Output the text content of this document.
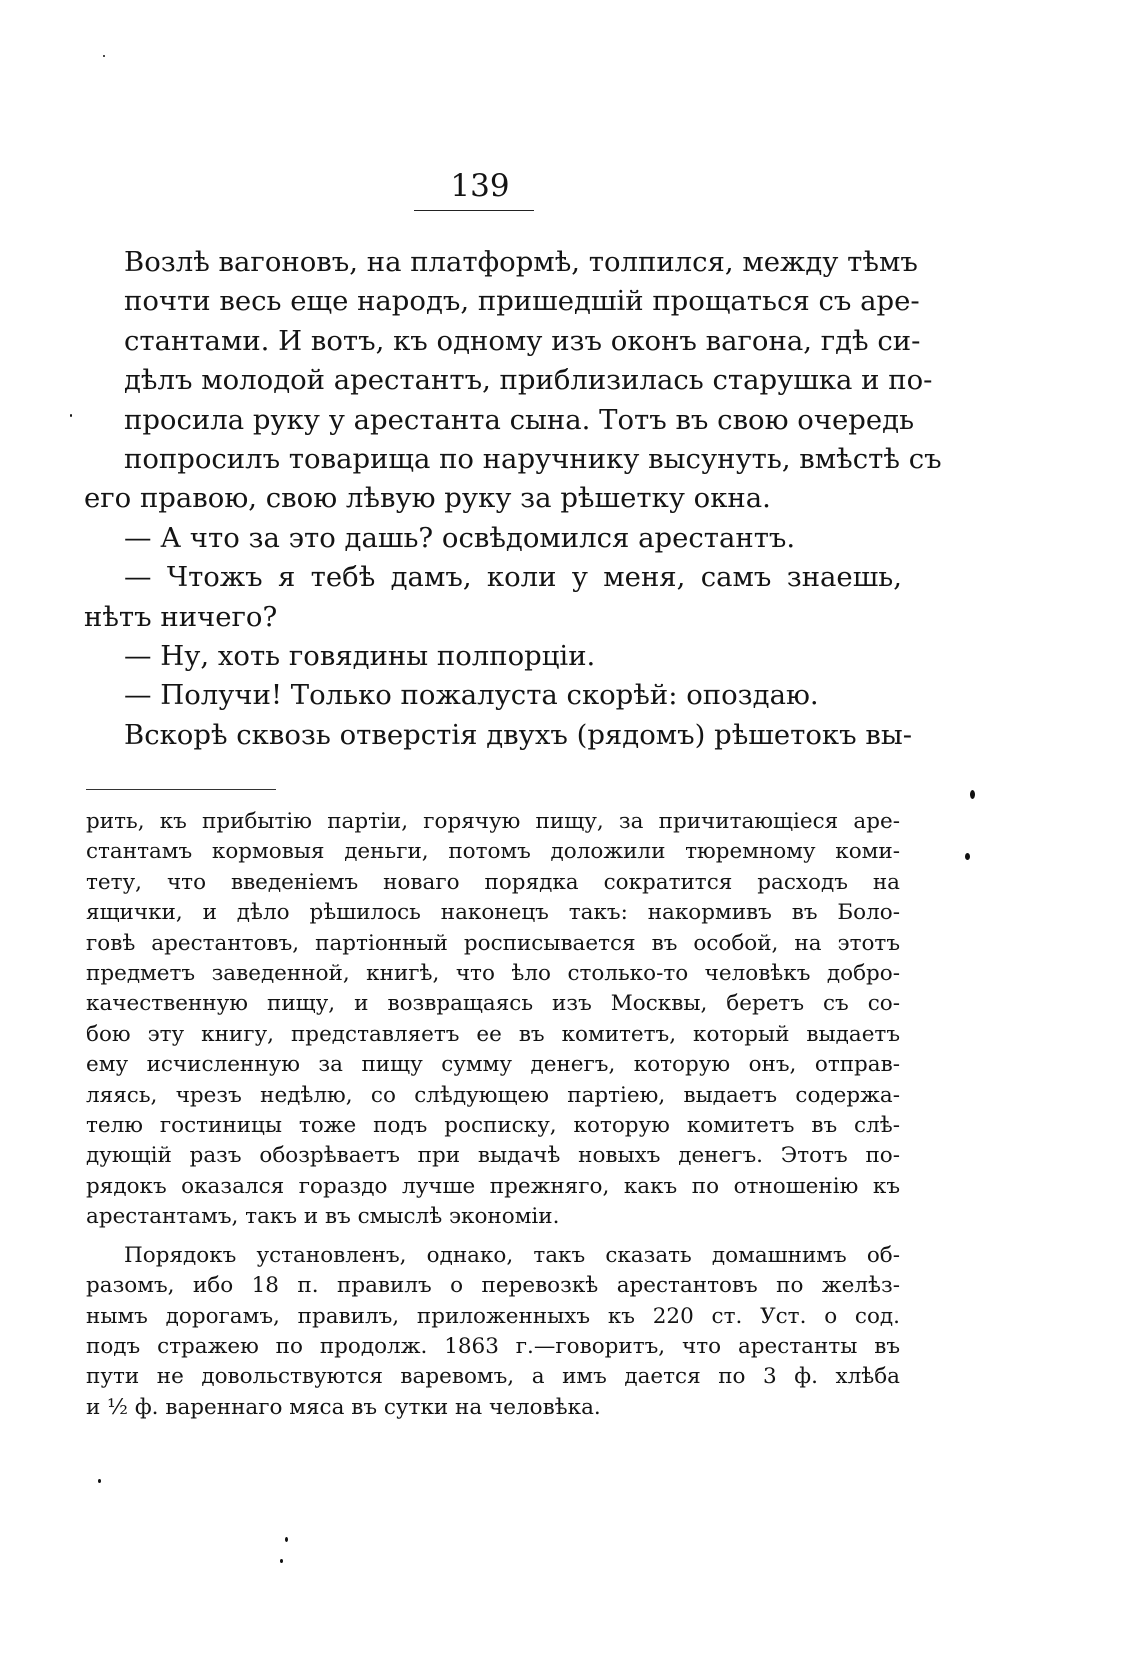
139
Возлѣ вагоновъ, на платформѣ, толпился, между тѣмъ
почти весь еще народъ, пришедшій прощаться съ аре-
стантами. И вотъ, къ одному изъ оконъ вагона, гдѣ си-
дѣлъ молодой арестантъ, приблизилась старушка и по-
просила руку у арестанта сына. Тотъ въ свою очередь
попросилъ товарища по наручнику высунуть, вмѣстѣ съ
его правою, свою лѣвую руку за рѣшетку окна.
— А что за это дашь? освѣдомился арестантъ.
— Чтожъ я тебѣ дамъ, коли у меня, самъ знаешь,
нѣтъ ничего?
— Ну, хоть говядины полпорціи.
— Получи! Только пожалуста скорѣй: опоздаю.
Вскорѣ сквозь отверстія двухъ (рядомъ) рѣшетокъ вы-
рить, къ прибытію партіи, горячую пищу, за причитающіеся аре-
стантамъ кормовыя деньги, потомъ доложили тюремному коми-
тету, что введеніемъ новаго порядка сократится расходъ на
ящички, и дѣло рѣшилось наконецъ такъ: накормивъ въ Боло-
говѣ арестантовъ, партіонный росписывается въ особой, на этотъ
предметъ заведенной, книгѣ, что ѣло столько-то человѣкъ добро-
качественную пищу, и возвращаясь изъ Москвы, беретъ съ со-
бою эту книгу, представляетъ ее въ комитетъ, который выдаетъ
ему исчисленную за пищу сумму денегъ, которую онъ, отправ-
ляясь, чрезъ недѣлю, со слѣдующею партіею, выдаетъ содержа-
телю гостиницы тоже подъ росписку, которую комитетъ въ слѣ-
дующій разъ обозрѣваетъ при выдачѣ новыхъ денегъ. Этотъ по-
рядокъ оказался гораздо лучше прежняго, какъ по отношенію къ
арестантамъ, такъ и въ смыслѣ экономіи.
Порядокъ установленъ, однако, такъ сказать домашнимъ об-
разомъ, ибо 18 п. правилъ о перевозкѣ арестантовъ по желѣз-
нымъ дорогамъ, правилъ, приложенныхъ къ 220 ст. Уст. о сод.
подъ стражею по продолж. 1863 г.—говоритъ, что арестанты въ
пути не довольствуются варевомъ, а имъ дается по 3 ф. хлѣба
и ½ ф. вареннаго мяса въ сутки на человѣка.
